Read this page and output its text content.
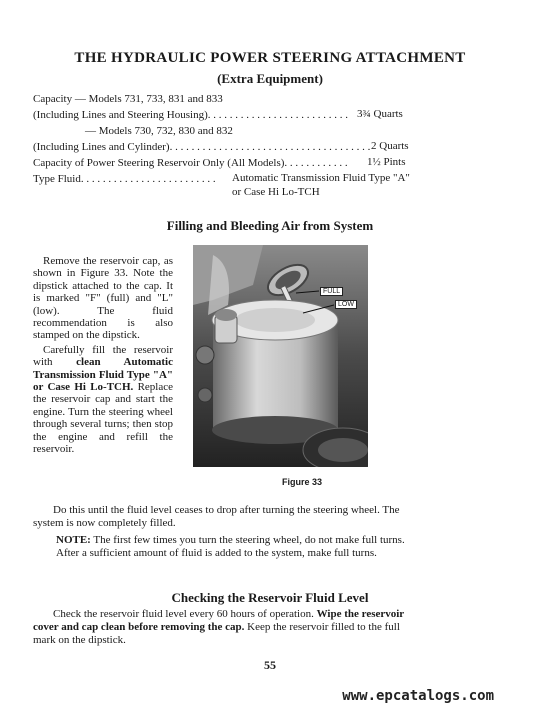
THE HYDRAULIC POWER STEERING ATTACHMENT
(Extra Equipment)
Capacity — Models 731, 733, 831 and 833
(Including Lines and Steering Housing). . . . . . . . . . . . . . . . . . . . . . . . . . 3¾ Quarts
— Models 730, 732, 830 and 832
(Including Lines and Cylinder). . . . . . . . . . . . . . . . . . . . . . . . . . . . . . . . . . . . . 2 Quarts
Capacity of Power Steering Reservoir Only (All Models). . . . . . . . . . . .	1½ Pints
Type Fluid. . . . . . . . . . . . . . . . . . . . . . . . .	Automatic Transmission Fluid Type "A"
or Case Hi Lo-TCH
Filling and Bleeding Air from System

Remove the reservoir cap, as shown in Figure 33. Note the dipstick attached to the cap. It is marked "F" (full) and "L" (low). The fluid recommendation is also stamped on the dipstick.

Carefully fill the reservoir with clean Automatic Transmission Fluid Type "A" or Case Hi Lo-TCH. Replace the reservoir cap and start the engine. Turn the steering wheel through several turns; then stop the engine and refill the reservoir.

FULL
LOW
Figure 33
Do this until the fluid level ceases to drop after turning the steering wheel. The system is now completely filled.
NOTE: The first few times you turn the steering wheel, do not make full turns. After a sufficient amount of fluid is added to the system, make full turns.
Checking the Reservoir Fluid Level
Check the reservoir fluid level every 60 hours of operation. Wipe the reservoir cover and cap clean before removing the cap. Keep the reservoir filled to the full mark on the dipstick.
55
www.epcatalogs.com
